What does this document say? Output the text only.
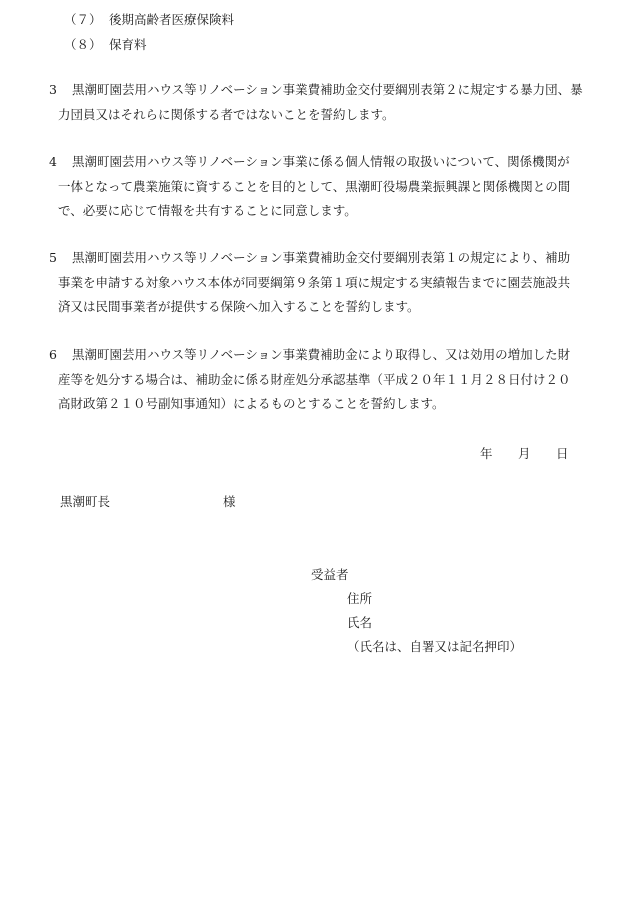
（７） 後期高齢者医療保険料
（８） 保育料
3	黒潮町園芸用ハウス等リノベーション事業費補助金交付要綱別表第２に規定する暴力団、暴
力団員又はそれらに関係する者ではないことを誓約します。
4	黒潮町園芸用ハウス等リノベーション事業に係る個人情報の取扱いについて、関係機関が
一体となって農業施策に資することを目的として、黒潮町役場農業振興課と関係機関との間
で、必要に応じて情報を共有することに同意します。
5	黒潮町園芸用ハウス等リノベーション事業費補助金交付要綱別表第１の規定により、補助
事業を申請する対象ハウス本体が同要綱第９条第１項に規定する実績報告までに園芸施設共
済又は民間事業者が提供する保険へ加入することを誓約します。
6	黒潮町園芸用ハウス等リノベーション事業費補助金により取得し、又は効用の増加した財
産等を処分する場合は、補助金に係る財産処分承認基準（平成２０年１１月２８日付け２０
高財政第２１０号副知事通知）によるものとすることを誓約します。
年 月 日
黒潮町長	様
受益者
住所
氏名
（氏名は、自署又は記名押印）
